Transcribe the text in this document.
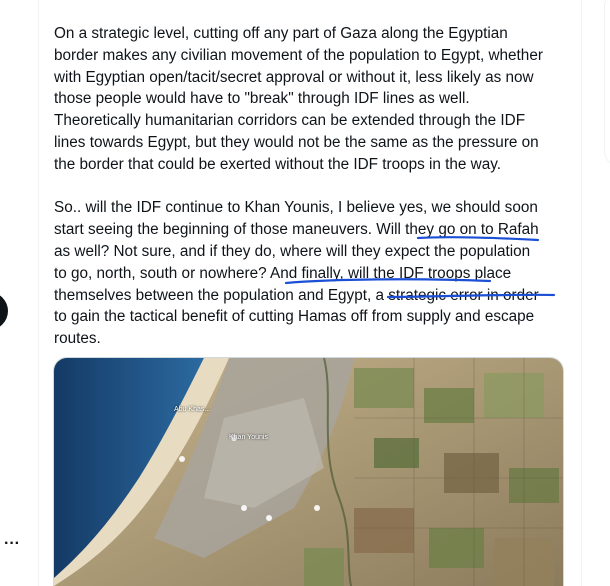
···

On a strategic level, cutting off any part of Gaza along the Egyptian
border makes any civilian movement of the population to Egypt, whether
with Egyptian open/tacit/secret approval or without it, less likely as now
those people would have to "break" through IDF lines as well.
Theoretically humanitarian corridors can be extended through the IDF
lines towards Egypt, but they would not be the same as the pressure on
the border that could be exerted without the IDF troops in the way.

So.. will the IDF continue to Khan Younis, I believe yes, we should soon
start seeing the beginning of those maneuvers. Will they go on to Rafah
as well? Not sure, and if they do, where will they expect the population
to go, north, south or nowhere? And finally, will the IDF troops place
themselves between the population and Egypt, a strategic error in order
to gain the tactical benefit of cutting Hamas off from supply and escape
routes.

Abu Khas...
Khan Younis
